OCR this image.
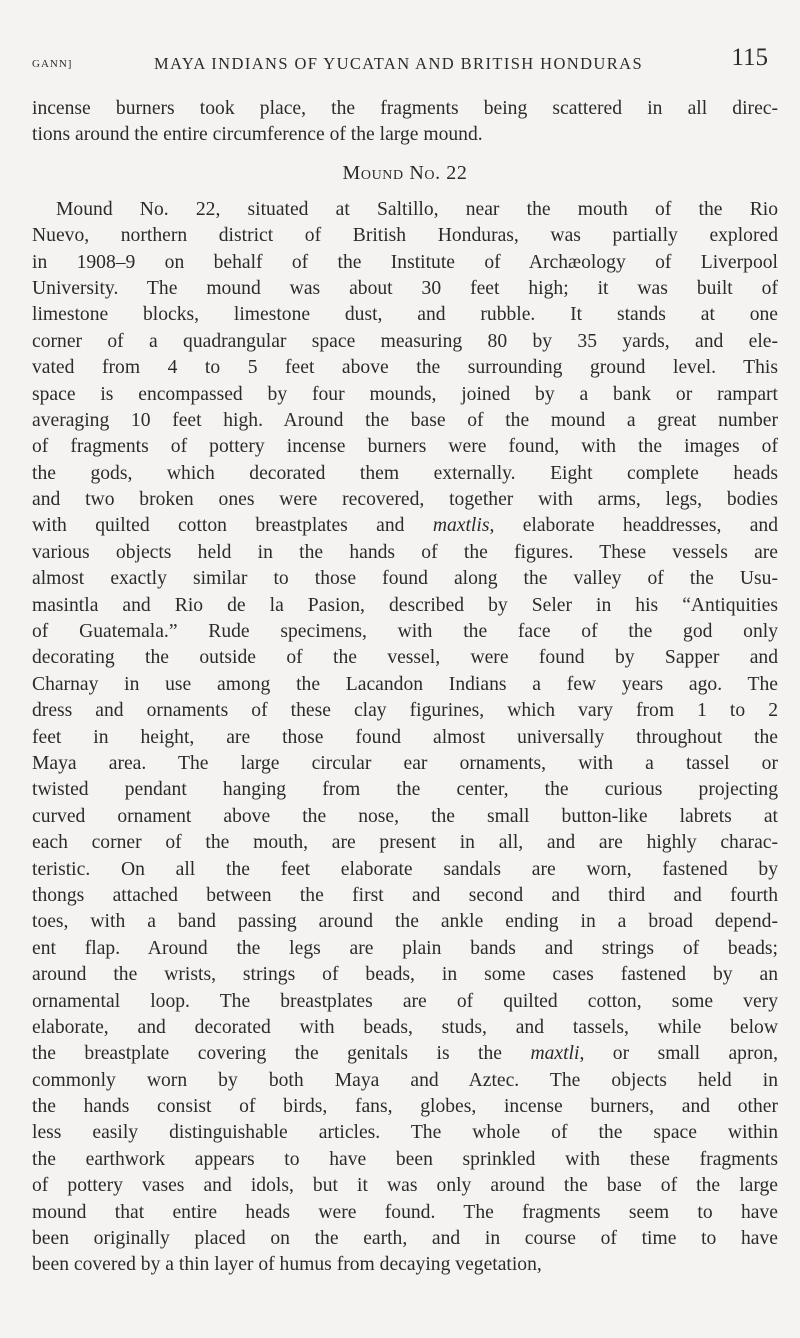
GANN]	MAYA INDIANS OF YUCATAN AND BRITISH HONDURAS	115
incense burners took place, the fragments being scattered in all direc-
tions around the entire circumference of the large mound.
Mound No. 22
Mound No. 22, situated at Saltillo, near the mouth of the Rio
Nuevo, northern district of British Honduras, was partially explored
in 1908–9 on behalf of the Institute of Archæology of Liverpool
University. The mound was about 30 feet high; it was built of
limestone blocks, limestone dust, and rubble. It stands at one
corner of a quadrangular space measuring 80 by 35 yards, and ele-
vated from 4 to 5 feet above the surrounding ground level. This
space is encompassed by four mounds, joined by a bank or rampart
averaging 10 feet high. Around the base of the mound a great number
of fragments of pottery incense burners were found, with the images of
the gods, which decorated them externally. Eight complete heads
and two broken ones were recovered, together with arms, legs, bodies
with quilted cotton breastplates and maxtlis, elaborate headdresses, and
various objects held in the hands of the figures. These vessels are
almost exactly similar to those found along the valley of the Usu-
masintla and Rio de la Pasion, described by Seler in his “Antiquities
of Guatemala.” Rude specimens, with the face of the god only
decorating the outside of the vessel, were found by Sapper and
Charnay in use among the Lacandon Indians a few years ago. The
dress and ornaments of these clay figurines, which vary from 1 to 2
feet in height, are those found almost universally throughout the
Maya area. The large circular ear ornaments, with a tassel or
twisted pendant hanging from the center, the curious projecting
curved ornament above the nose, the small button-like labrets at
each corner of the mouth, are present in all, and are highly charac-
teristic. On all the feet elaborate sandals are worn, fastened by
thongs attached between the first and second and third and fourth
toes, with a band passing around the ankle ending in a broad depend-
ent flap. Around the legs are plain bands and strings of beads;
around the wrists, strings of beads, in some cases fastened by an
ornamental loop. The breastplates are of quilted cotton, some very
elaborate, and decorated with beads, studs, and tassels, while below
the breastplate covering the genitals is the maxtli, or small apron,
commonly worn by both Maya and Aztec. The objects held in
the hands consist of birds, fans, globes, incense burners, and other
less easily distinguishable articles. The whole of the space within
the earthwork appears to have been sprinkled with these fragments
of pottery vases and idols, but it was only around the base of the large
mound that entire heads were found. The fragments seem to have
been originally placed on the earth, and in course of time to have
been covered by a thin layer of humus from decaying vegetation,
